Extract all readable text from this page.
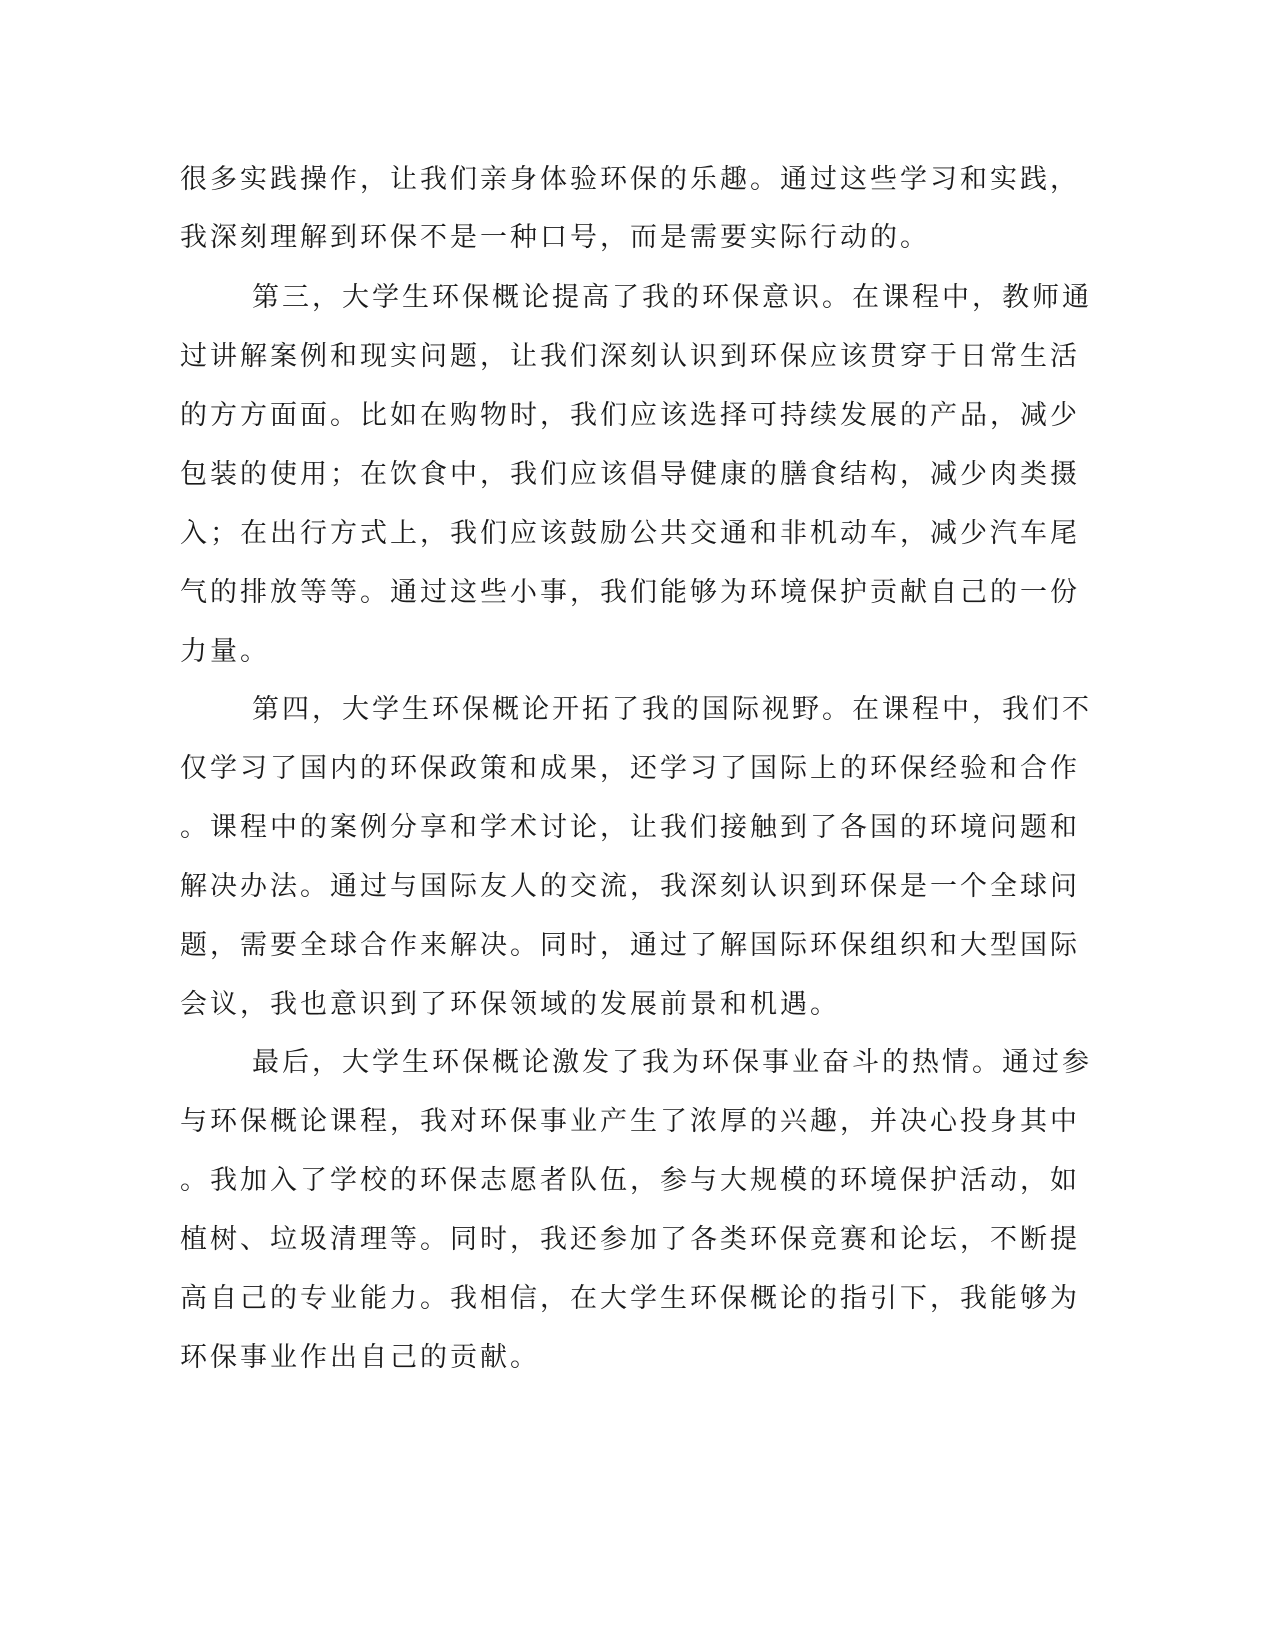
很多实践操作，让我们亲身体验环保的乐趣。通过这些学习和实践，
我深刻理解到环保不是一种口号，而是需要实际行动的。
第三，大学生环保概论提高了我的环保意识。在课程中，教师通
过讲解案例和现实问题，让我们深刻认识到环保应该贯穿于日常生活
的方方面面。比如在购物时，我们应该选择可持续发展的产品，减少
包装的使用；在饮食中，我们应该倡导健康的膳食结构，减少肉类摄
入；在出行方式上，我们应该鼓励公共交通和非机动车，减少汽车尾
气的排放等等。通过这些小事，我们能够为环境保护贡献自己的一份
力量。
第四，大学生环保概论开拓了我的国际视野。在课程中，我们不
仅学习了国内的环保政策和成果，还学习了国际上的环保经验和合作
。课程中的案例分享和学术讨论，让我们接触到了各国的环境问题和
解决办法。通过与国际友人的交流，我深刻认识到环保是一个全球问
题，需要全球合作来解决。同时，通过了解国际环保组织和大型国际
会议，我也意识到了环保领域的发展前景和机遇。
最后，大学生环保概论激发了我为环保事业奋斗的热情。通过参
与环保概论课程，我对环保事业产生了浓厚的兴趣，并决心投身其中
。我加入了学校的环保志愿者队伍，参与大规模的环境保护活动，如
植树、垃圾清理等。同时，我还参加了各类环保竞赛和论坛，不断提
高自己的专业能力。我相信，在大学生环保概论的指引下，我能够为
环保事业作出自己的贡献。
